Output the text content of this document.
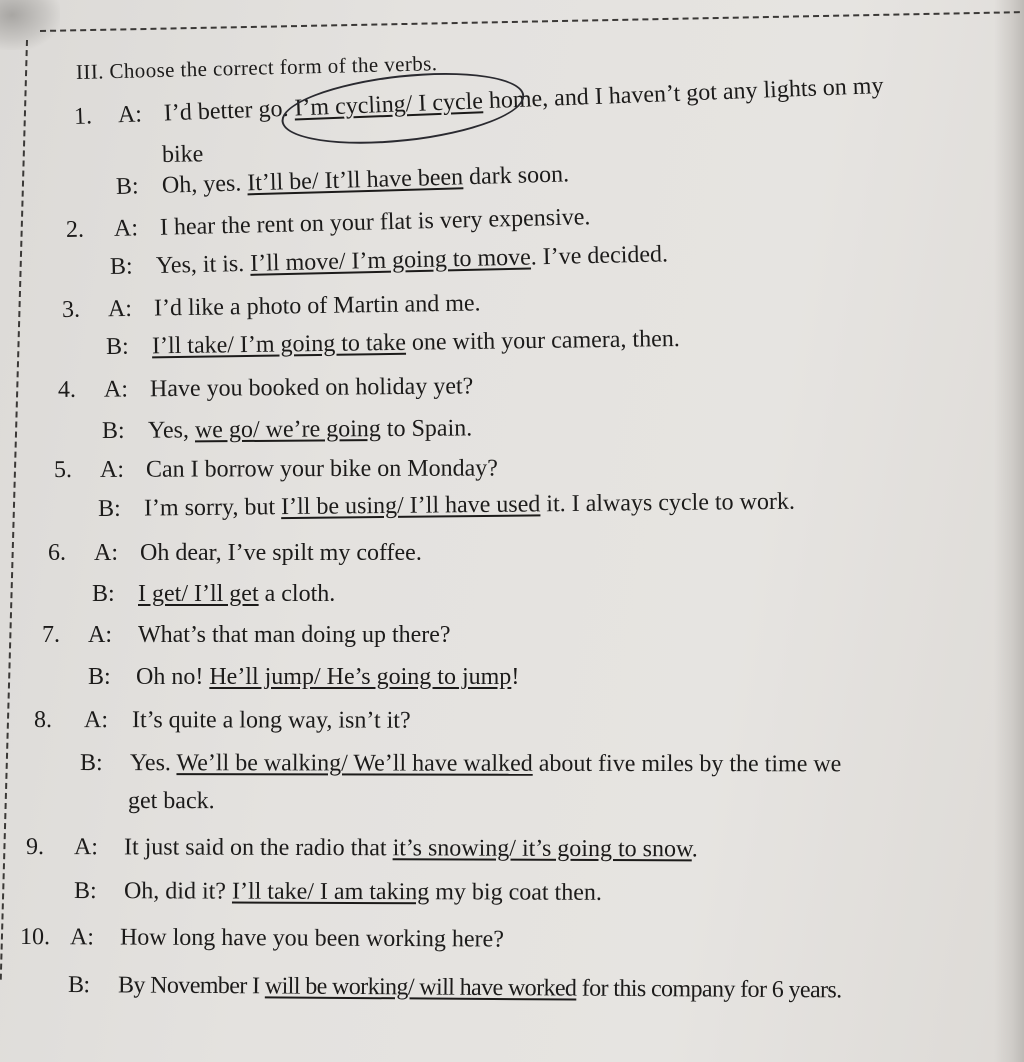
III. Choose the correct form of the verbs.
1. A: I’d better go. I’m cycling/ I cycle
home, and I haven’t got any lights on my
bike
B: Oh, yes. It’ll be/ It’ll have been dark soon.
2. A: I hear the rent on your flat is very expensive.
B: Yes, it is. I’ll move/ I’m going to move. I’ve decided.
3. A: I’d like a photo of Martin and me.
B: I’ll take/ I’m going to take one with your camera, then.
4. A: Have you booked on holiday yet?
B: Yes, we go/ we’re going to Spain.
5. A: Can I borrow your bike on Monday?
B: I’m sorry, but I’ll be using/ I’ll have used it. I always cycle to work.
6. A: Oh dear, I’ve spilt my coffee.
B: I get/ I’ll get a cloth.
7. A: What’s that man doing up there?
B: Oh no! He’ll jump/ He’s going to jump!
8. A: It’s quite a long way, isn’t it?
B: Yes. We’ll be walking/ We’ll have walked about five miles by the time we
get back.
9. A: It just said on the radio that it’s snowing/ it’s going to snow.
B: Oh, did it? I’ll take/ I am taking my big coat then.
10. A: How long have you been working here?
B: By November I will be working/ will have worked for this company for 6 years.
